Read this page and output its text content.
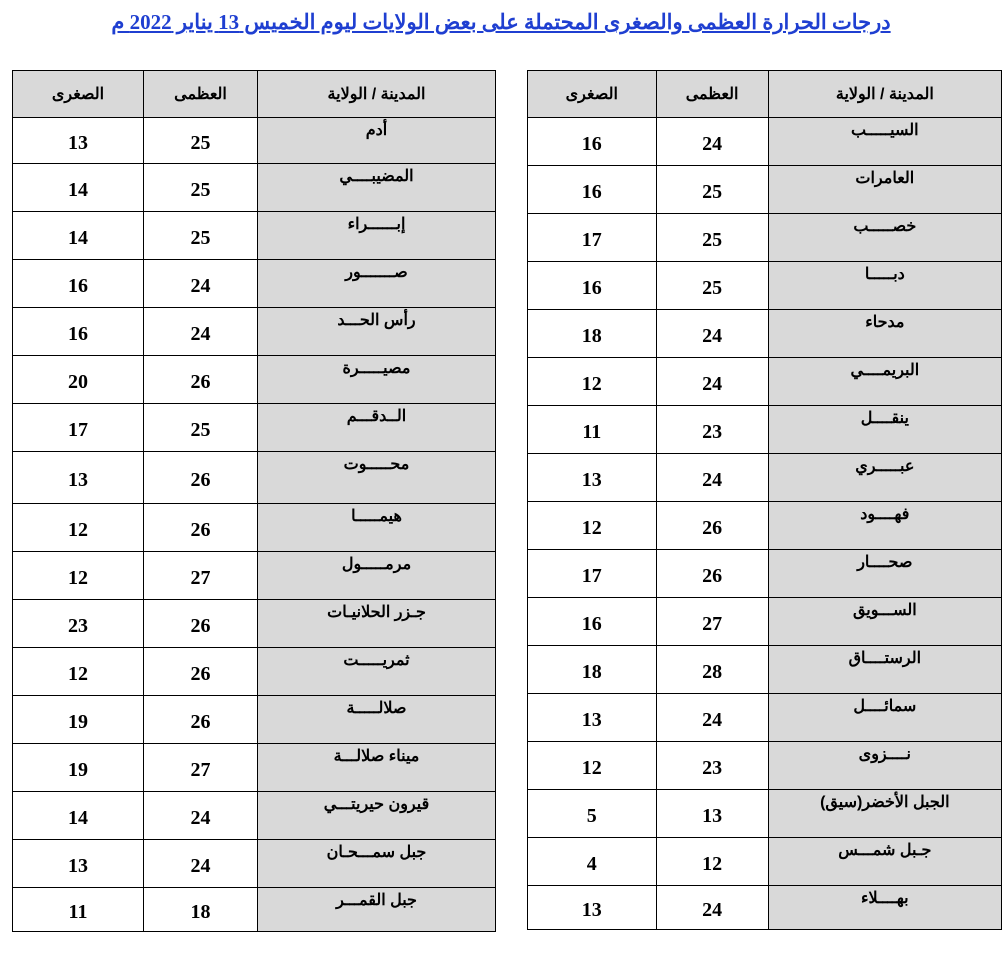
درجات الحرارة العظمى والصغرى المحتملة على بعض الولايات ليوم الخميس 13 يناير 2022 م
الصغرى	العظمى	المدينة / الولاية
13	25	أدم
14	25	المضيبــــي
14	25	إبــــــراء
16	24	صـــــــور
16	24	رأس الحـــد
20	26	مصيـــــرة
17	25	الــدقـــم
13	26	محـــــوت
12	26	هيمـــــا
12	27	مرمـــــول
23	26	جـزر الحلانيـات
12	26	ثمريـــــت
19	26	صلالـــــة
19	27	ميناء صلالـــة
14	24	قيرون حيريتـــي
13	24	جبل سمـــحـان
11	18	جبل القمـــر
الصغرى	العظمى	المدينة / الولاية
16	24	السيـــــب
16	25	العامرات
17	25	خصـــــب
16	25	دبـــــا
18	24	مدحاء
12	24	البريمــــي
11	23	ينقــــل
13	24	عبـــــري
12	26	فهــــود
17	26	صحــــار
16	27	الســـويق
18	28	الرستــــاق
13	24	سمائــــل
12	23	نــــزوى
5	13	الجبل الأخضر(سيق)
4	12	جـبل شمـــس
13	24	بهــــلاء
